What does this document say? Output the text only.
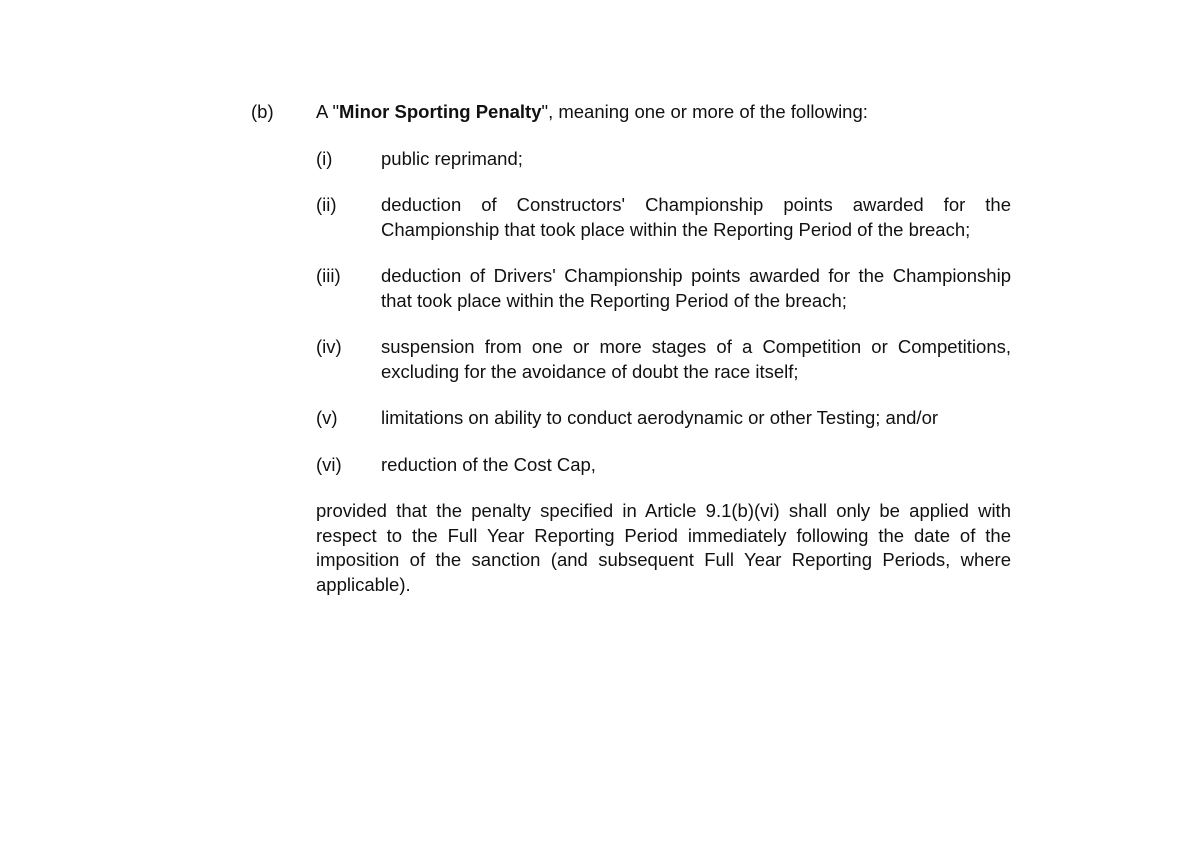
(b)	A "Minor Sporting Penalty", meaning one or more of the following:

(i)	public reprimand;
(ii)	deduction of Constructors' Championship points awarded for the Championship that took place within the Reporting Period of the breach;
(iii)	deduction of Drivers' Championship points awarded for the Championship that took place within the Reporting Period of the breach;
(iv)	suspension from one or more stages of a Competition or Competitions, excluding for the avoidance of doubt the race itself;
(v)	limitations on ability to conduct aerodynamic or other Testing; and/or
(vi)	reduction of the Cost Cap,

provided that the penalty specified in Article 9.1(b)(vi) shall only be applied with respect to the Full Year Reporting Period immediately following the date of the imposition of the sanction (and subsequent Full Year Reporting Periods, where applicable).
